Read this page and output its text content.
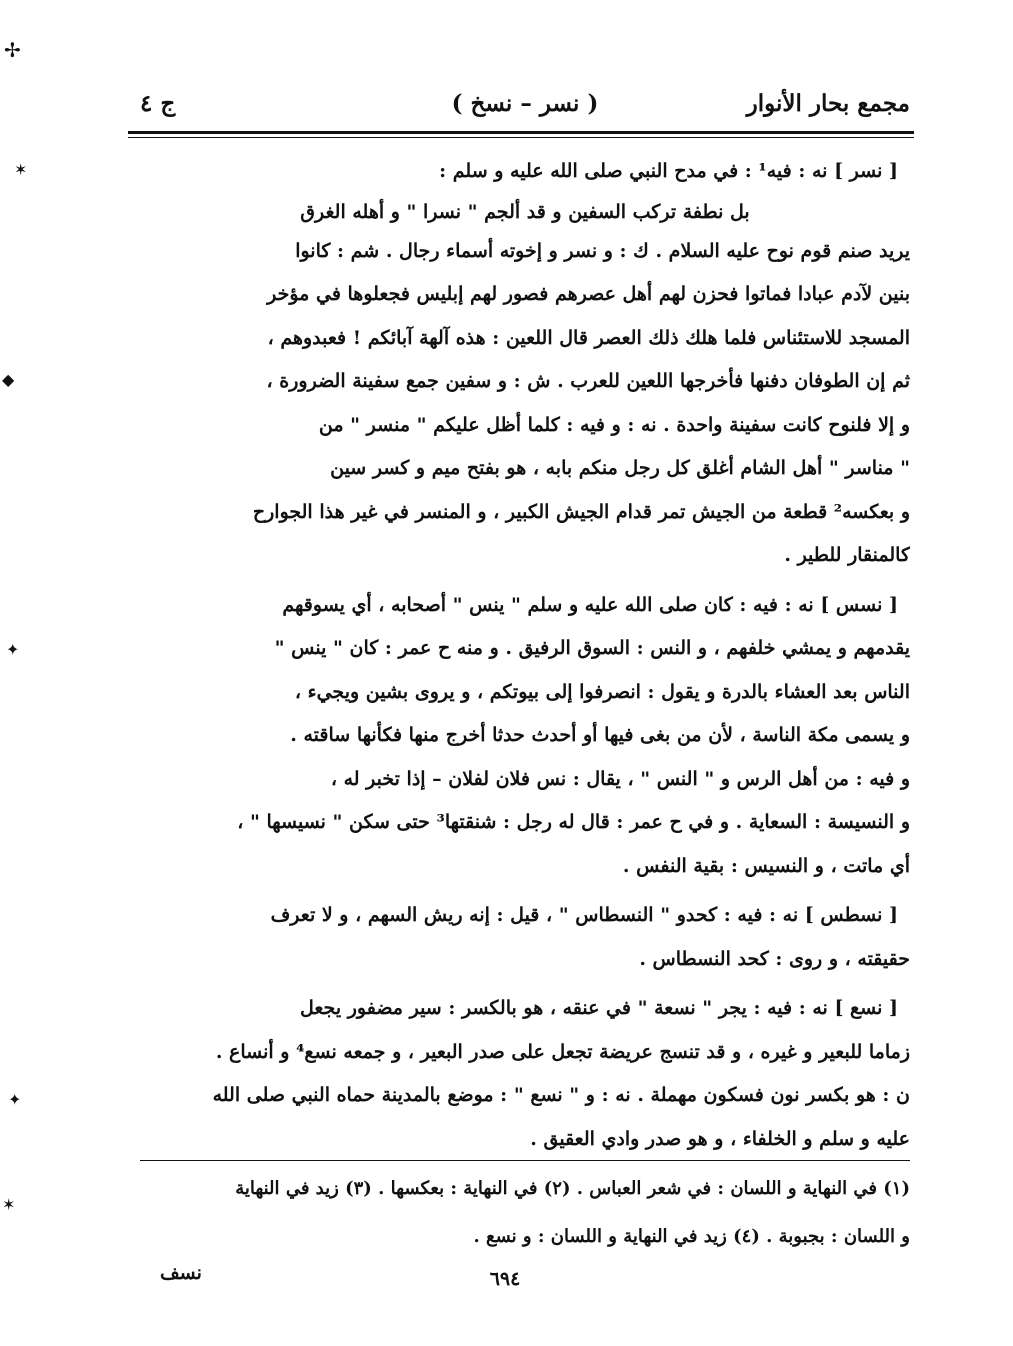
مجمع بحار الأنوار
( نسر – نسخ )
ج ٤
[ نسر ] نه : فيه¹ : في مدح النبي صلى الله عليه و سلم :
بل نطفة تركب السفين و قد ألجم " نسرا " و أهله الغرق
يريد صنم قوم نوح عليه السلام . ك : و نسر و إخوته أسماء رجال . شم : كانوا
بنين لآدم عبادا فماتوا فحزن لهم أهل عصرهم فصور لهم إبليس فجعلوها في مؤخر
المسجد للاستئناس فلما هلك ذلك العصر قال اللعين : هذه آلهة آبائكم ! فعبدوهم ،
ثم إن الطوفان دفنها فأخرجها اللعين للعرب . ش : و سفين جمع سفينة الضرورة ،
و إلا فلنوح كانت سفينة واحدة . نه : و فيه : كلما أظل عليكم " منسر " من
" مناسر " أهل الشام أغلق كل رجل منكم بابه ، هو بفتح ميم و كسر سين
و بعكسه² قطعة من الجيش تمر قدام الجيش الكبير ، و المنسر في غير هذا الجوارح
كالمنقار للطير .
[ نسس ] نه : فيه : كان صلى الله عليه و سلم " ينس " أصحابه ، أي يسوقهم
يقدمهم و يمشي خلفهم ، و النس : السوق الرفيق . و منه ح عمر : كان " ينس "
الناس بعد العشاء بالدرة و يقول : انصرفوا إلى بيوتكم ، و يروى بشين ويجيء ،
و يسمى مكة الناسة ، لأن من بغى فيها أو أحدث حدثا أخرج منها فكأنها ساقته .
و فيه : من أهل الرس و " النس " ، يقال : نس فلان لفلان – إذا تخبر له ،
و النسيسة : السعاية . و في ح عمر : قال له رجل : شنقتها³ حتى سكن " نسيسها " ،
أي ماتت ، و النسيس : بقية النفس .
[ نسطس ] نه : فيه : كحدو " النسطاس " ، قيل : إنه ريش السهم ، و لا تعرف
حقيقته ، و روى : كحد النسطاس .
[ نسع ] نه : فيه : يجر " نسعة " في عنقه ، هو بالكسر : سير مضفور يجعل
زماما للبعير و غيره ، و قد تنسج عريضة تجعل على صدر البعير ، و جمعه نسع⁴ و أنساع .
ن : هو بكسر نون فسكون مهملة . نه : و " نسع " : موضع بالمدينة حماه النبي صلى الله
عليه و سلم و الخلفاء ، و هو صدر وادي العقيق .
(١) في النهاية و اللسان : في شعر العباس . (٢) في النهاية : بعكسها . (٣) زيد في النهاية
و اللسان : بجبوبة . (٤) زيد في النهاية و اللسان : و نسع .
نسف	٦٩٤
✢
✶
◆
✦
✦
✶
